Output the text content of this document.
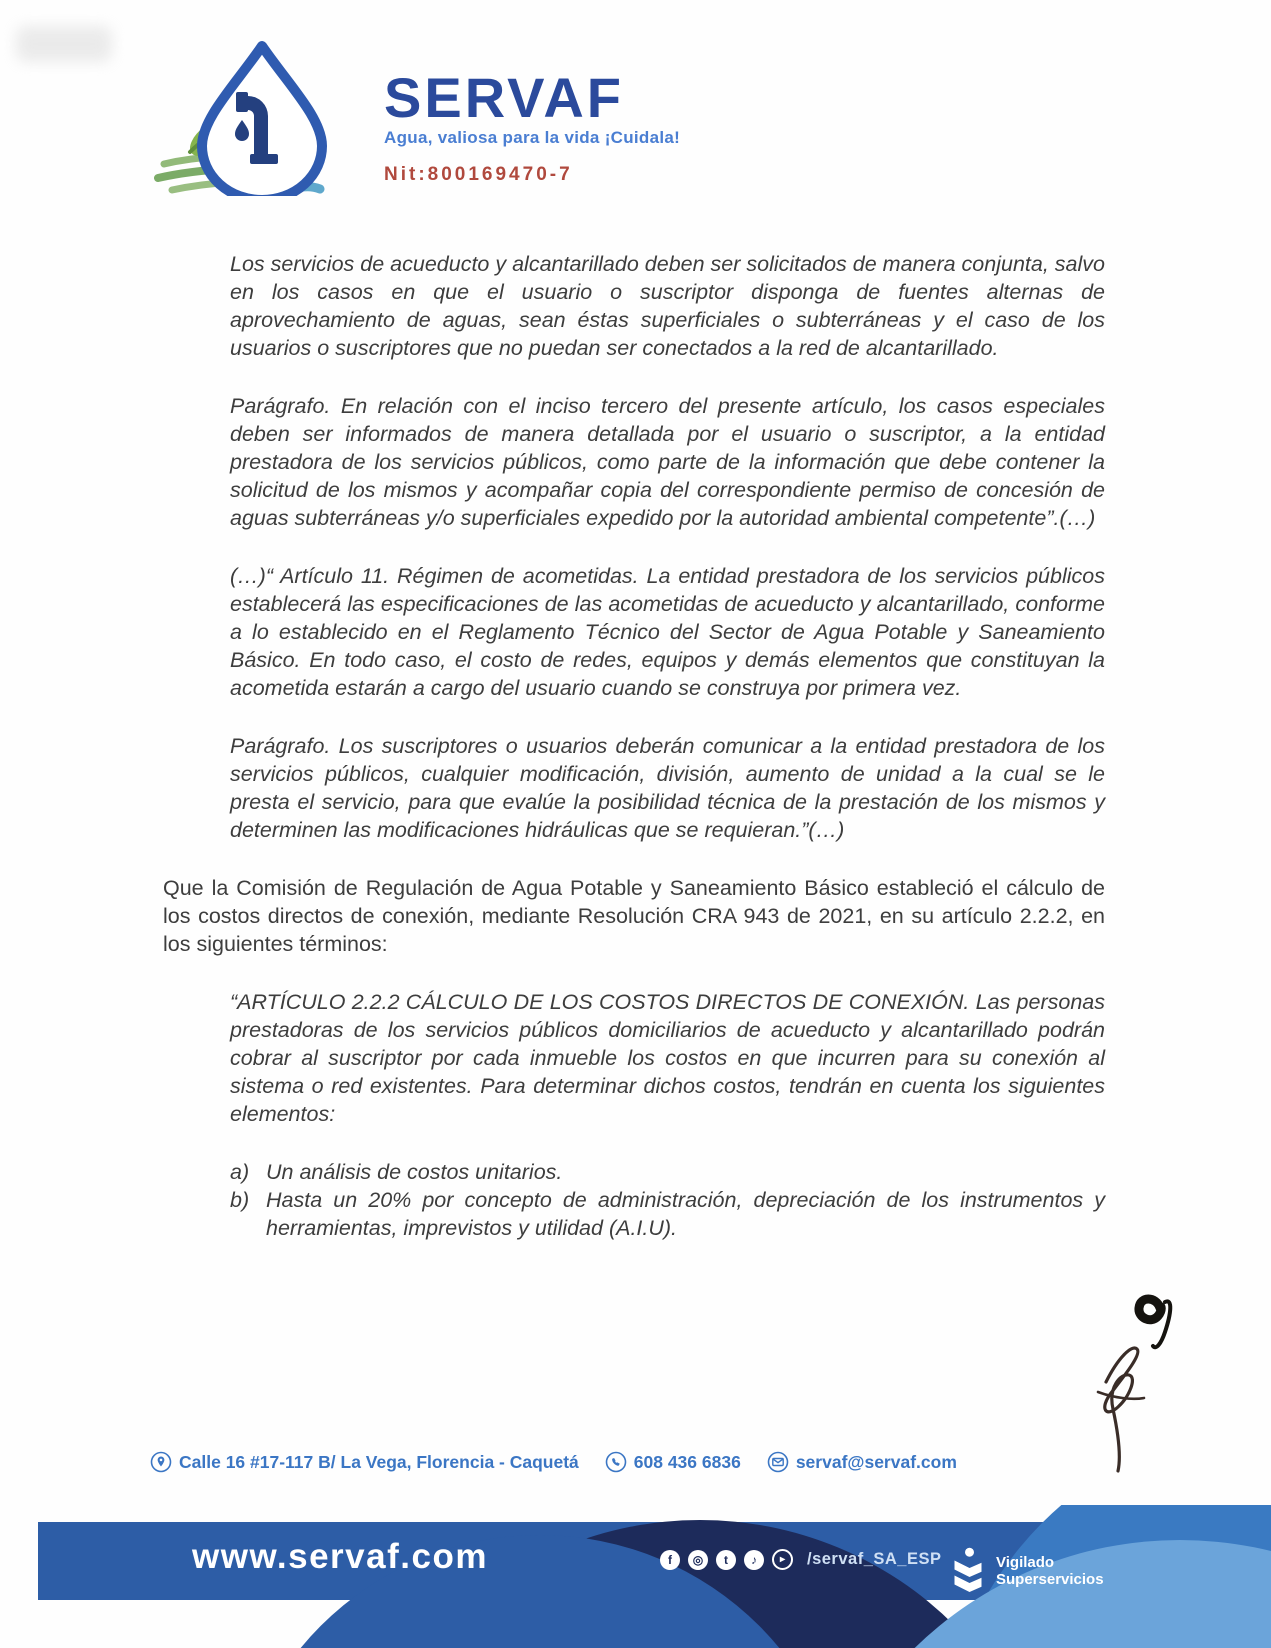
SERVAF
Agua, valiosa para la vida ¡Cuidala!
Nit:800169470-7

Los servicios de acueducto y alcantarillado deben ser solicitados de manera conjunta, salvo en los casos en que el usuario o suscriptor disponga de fuentes alternas de aprovechamiento de aguas, sean éstas superficiales o subterráneas y el caso de los usuarios o suscriptores que no puedan ser conectados a la red de alcantarillado.

Parágrafo. En relación con el inciso tercero del presente artículo, los casos especiales deben ser informados de manera detallada por el usuario o suscriptor, a la entidad prestadora de los servicios públicos, como parte de la información que debe contener la solicitud de los mismos y acompañar copia del correspondiente permiso de concesión de aguas subterráneas y/o superficiales expedido por la autoridad ambiental competente”.(…)

(…)“ Artículo 11. Régimen de acometidas. La entidad prestadora de los servicios públicos establecerá las especificaciones de las acometidas de acueducto y alcantarillado, conforme a lo establecido en el Reglamento Técnico del Sector de Agua Potable y Saneamiento Básico. En todo caso, el costo de redes, equipos y demás elementos que constituyan la acometida estarán a cargo del usuario cuando se construya por primera vez.

Parágrafo. Los suscriptores o usuarios deberán comunicar a la entidad prestadora de los servicios públicos, cualquier modificación, división, aumento de unidad a la cual se le presta el servicio, para que evalúe la posibilidad técnica de la prestación de los mismos y determinen las modificaciones hidráulicas que se requieran.”(…)

Que la Comisión de Regulación de Agua Potable y Saneamiento Básico estableció el cálculo de los costos directos de conexión, mediante Resolución CRA 943 de 2021, en su artículo 2.2.2, en los siguientes términos:

“ARTÍCULO 2.2.2 CÁLCULO DE LOS COSTOS DIRECTOS DE CONEXIÓN. Las personas prestadoras de los servicios públicos domiciliarios de acueducto y alcantarillado podrán cobrar al suscriptor por cada inmueble los costos en que incurren para su conexión al sistema o red existentes. Para determinar dichos costos, tendrán en cuenta los siguientes elementos:

a) Un análisis de costos unitarios.
b) Hasta un 20% por concepto de administración, depreciación de los instrumentos y herramientas, imprevistos y utilidad (A.I.U).
Calle 16 #17-117 B/ La Vega, Florencia - Caquetá	608 436 6836	servaf@servaf.com
www.servaf.com	f	◎	t	♪	▸	/servaf_SA_ESP	Vigilado
Superservicios
